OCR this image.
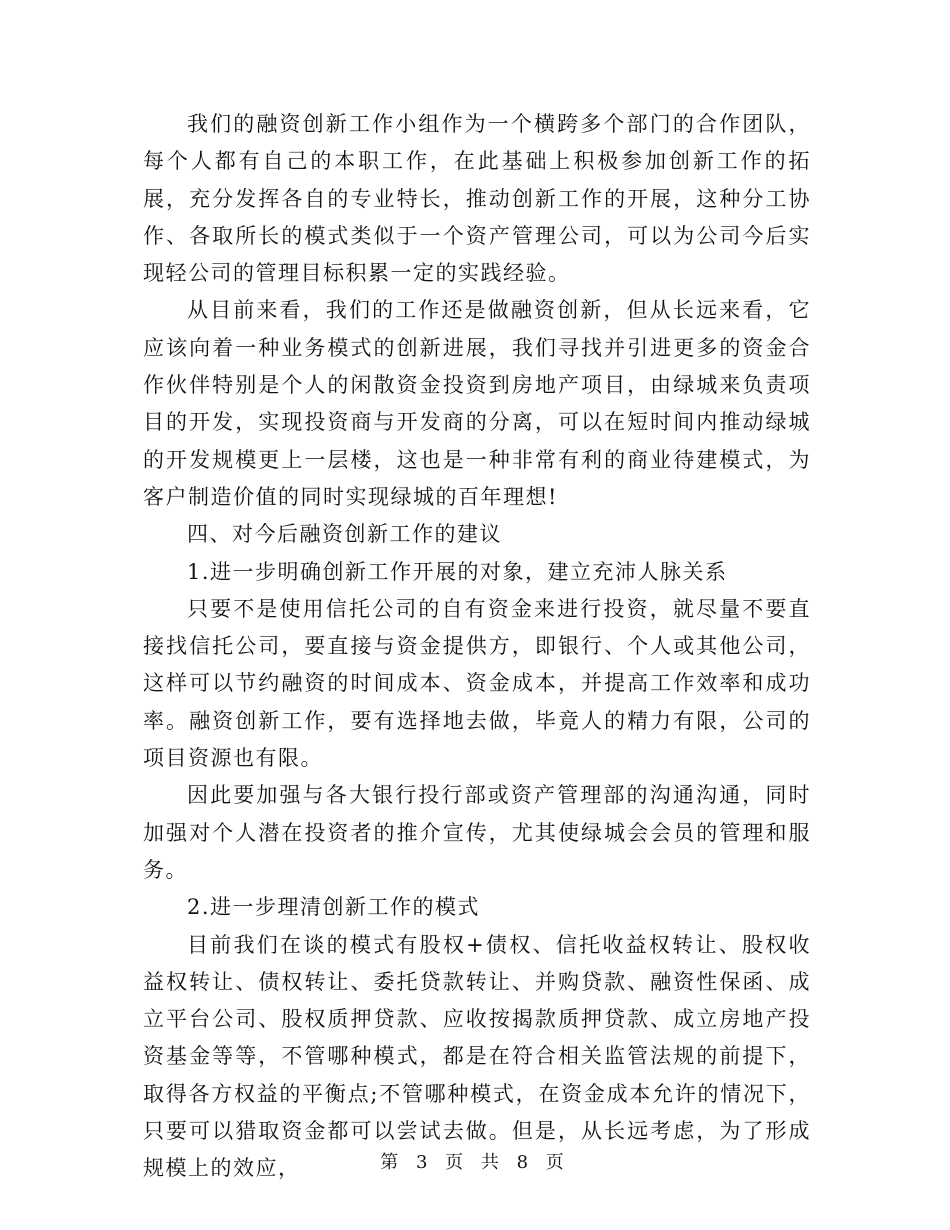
我们的融资创新工作小组作为一个横跨多个部门的合作团队，每个人都有自己的本职工作，在此基础上积极参加创新工作的拓展，充分发挥各自的专业特长，推动创新工作的开展，这种分工协作、各取所长的模式类似于一个资产管理公司，可以为公司今后实现轻公司的管理目标积累一定的实践经验。

从目前来看，我们的工作还是做融资创新，但从长远来看，它应该向着一种业务模式的创新进展，我们寻找并引进更多的资金合作伙伴特别是个人的闲散资金投资到房地产项目，由绿城来负责项目的开发，实现投资商与开发商的分离，可以在短时间内推动绿城的开发规模更上一层楼，这也是一种非常有利的商业待建模式，为客户制造价值的同时实现绿城的百年理想!

四、对今后融资创新工作的建议

1.进一步明确创新工作开展的对象，建立充沛人脉关系

只要不是使用信托公司的自有资金来进行投资，就尽量不要直接找信托公司，要直接与资金提供方，即银行、个人或其他公司，这样可以节约融资的时间成本、资金成本，并提高工作效率和成功率。融资创新工作，要有选择地去做，毕竟人的精力有限，公司的项目资源也有限。

因此要加强与各大银行投行部或资产管理部的沟通沟通，同时加强对个人潜在投资者的推介宣传，尤其使绿城会会员的管理和服务。

2.进一步理清创新工作的模式

目前我们在谈的模式有股权+债权、信托收益权转让、股权收益权转让、债权转让、委托贷款转让、并购贷款、融资性保函、成立平台公司、股权质押贷款、应收按揭款质押贷款、成立房地产投资基金等等，不管哪种模式，都是在符合相关监管法规的前提下，取得各方权益的平衡点;不管哪种模式，在资金成本允许的情况下，只要可以猎取资金都可以尝试去做。但是，从长远考虑，为了形成规模上的效应，	第 3 页 共 8 页
